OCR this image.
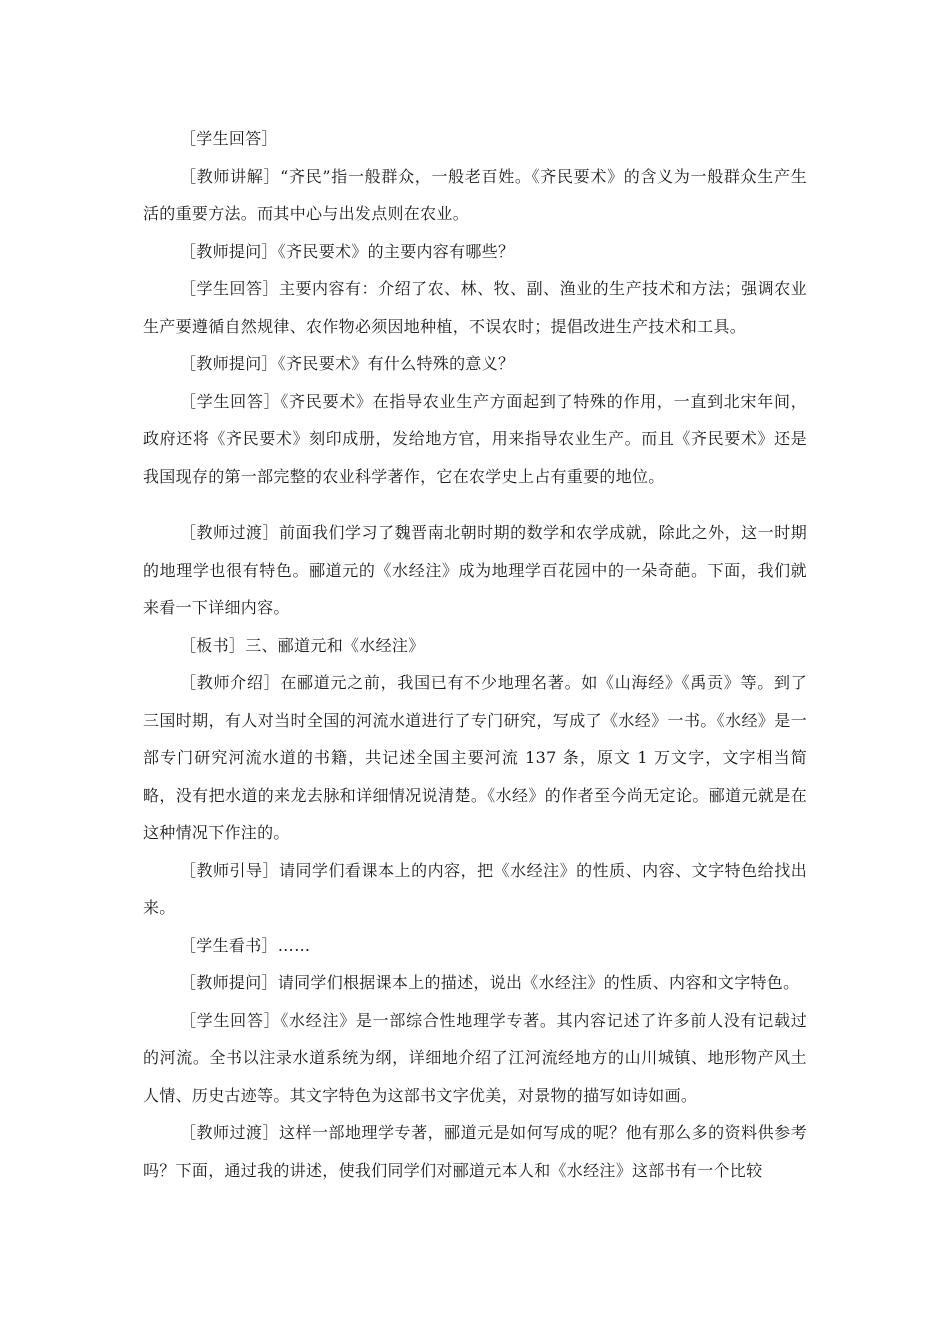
［学生回答］

［教师讲解］“齐民”指一般群众，一般老百姓。《齐民要术》的含义为一般群众生产生活的重要方法。而其中心与出发点则在农业。

［教师提问］《齐民要术》的主要内容有哪些？

［学生回答］主要内容有：介绍了农、林、牧、副、渔业的生产技术和方法；强调农业生产要遵循自然规律、农作物必须因地种植，不误农时；提倡改进生产技术和工具。

［教师提问］《齐民要术》有什么特殊的意义？

［学生回答］《齐民要术》在指导农业生产方面起到了特殊的作用，一直到北宋年间，政府还将《齐民要术》刻印成册，发给地方官，用来指导农业生产。而且《齐民要术》还是我国现存的第一部完整的农业科学著作，它在农学史上占有重要的地位。

［教师过渡］前面我们学习了魏晋南北朝时期的数学和农学成就，除此之外，这一时期的地理学也很有特色。郦道元的《水经注》成为地理学百花园中的一朵奇葩。下面，我们就来看一下详细内容。

［板书］三、郦道元和《水经注》

［教师介绍］在郦道元之前，我国已有不少地理名著。如《山海经》《禹贡》等。到了三国时期，有人对当时全国的河流水道进行了专门研究，写成了《水经》一书。《水经》是一部专门研究河流水道的书籍，共记述全国主要河流 137 条，原文 1 万文字，文字相当简略，没有把水道的来龙去脉和详细情况说清楚。《水经》的作者至今尚无定论。郦道元就是在这种情况下作注的。

［教师引导］请同学们看课本上的内容，把《水经注》的性质、内容、文字特色给找出来。

［学生看书］……

［教师提问］请同学们根据课本上的描述，说出《水经注》的性质、内容和文字特色。

［学生回答］《水经注》是一部综合性地理学专著。其内容记述了许多前人没有记载过的河流。全书以注录水道系统为纲，详细地介绍了江河流经地方的山川城镇、地形物产风土人情、历史古迹等。其文字特色为这部书文字优美，对景物的描写如诗如画。

［教师过渡］这样一部地理学专著，郦道元是如何写成的呢？他有那么多的资料供参考吗？下面，通过我的讲述，使我们同学们对郦道元本人和《水经注》这部书有一个比较
